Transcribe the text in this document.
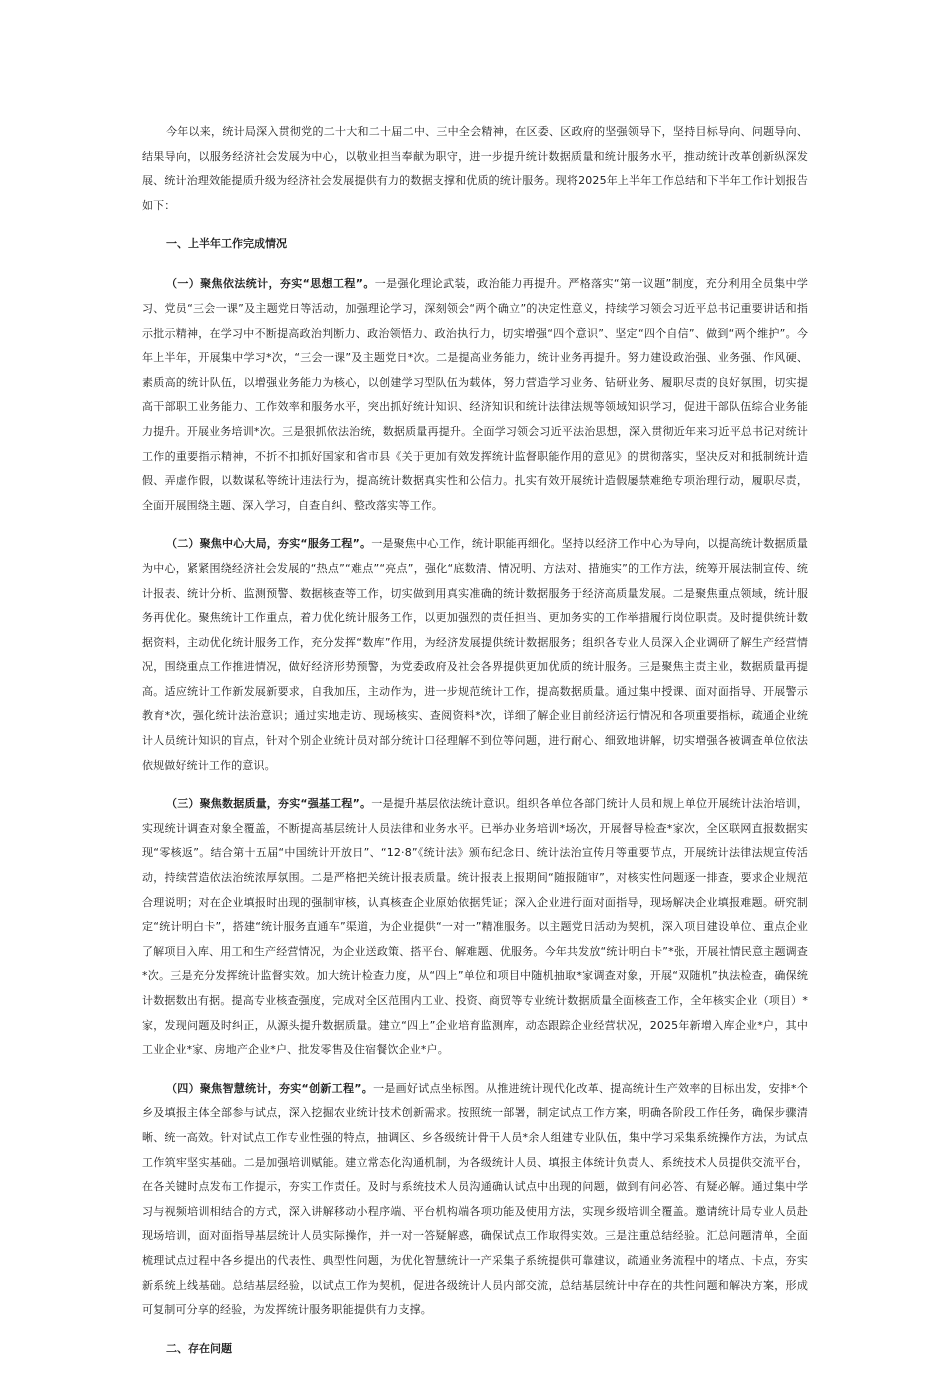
今年以来，统计局深入贯彻党的二十大和二十届二中、三中全会精神，在区委、区政府的坚强领导下，坚持目标导向、问题导向、结果导向，以服务经济社会发展为中心，以敬业担当奉献为职守，进一步提升统计数据质量和统计服务水平，推动统计改革创新纵深发展、统计治理效能提质升级为经济社会发展提供有力的数据支撑和优质的统计服务。现将2025年上半年工作总结和下半年工作计划报告如下：

一、上半年工作完成情况

（一）聚焦依法统计，夯实“思想工程”。一是强化理论武装，政治能力再提升。严格落实“第一议题”制度，充分利用全员集中学习、党员“三会一课”及主题党日等活动，加强理论学习，深刻领会“两个确立”的决定性意义，持续学习领会习近平总书记重要讲话和指示批示精神，在学习中不断提高政治判断力、政治领悟力、政治执行力，切实增强“四个意识”、坚定“四个自信”、做到“两个维护”。今年上半年，开展集中学习*次，“三会一课”及主题党日*次。二是提高业务能力，统计业务再提升。努力建设政治强、业务强、作风硬、素质高的统计队伍，以增强业务能力为核心，以创建学习型队伍为载体，努力营造学习业务、钻研业务、履职尽责的良好氛围，切实提高干部职工业务能力、工作效率和服务水平，突出抓好统计知识、经济知识和统计法律法规等领域知识学习，促进干部队伍综合业务能力提升。开展业务培训*次。三是狠抓依法治统，数据质量再提升。全面学习领会习近平法治思想，深入贯彻近年来习近平总书记对统计工作的重要指示精神，不折不扣抓好国家和省市县《关于更加有效发挥统计监督职能作用的意见》的贯彻落实，坚决反对和抵制统计造假、弄虚作假，以数谋私等统计违法行为，提高统计数据真实性和公信力。扎实有效开展统计造假屡禁难绝专项治理行动，履职尽责，全面开展围绕主题、深入学习，自查自纠、整改落实等工作。

（二）聚焦中心大局，夯实“服务工程”。一是聚焦中心工作，统计职能再细化。坚持以经济工作中心为导向，以提高统计数据质量为中心，紧紧围绕经济社会发展的“热点”“难点”“亮点”，强化“底数清、情况明、方法对、措施实”的工作方法，统筹开展法制宣传、统计报表、统计分析、监测预警、数据核查等工作，切实做到用真实准确的统计数据服务于经济高质量发展。二是聚焦重点领域，统计服务再优化。聚焦统计工作重点，着力优化统计服务工作，以更加强烈的责任担当、更加务实的工作举措履行岗位职责。及时提供统计数据资料，主动优化统计服务工作，充分发挥“数库”作用，为经济发展提供统计数据服务；组织各专业人员深入企业调研了解生产经营情况，围绕重点工作推进情况，做好经济形势预警，为党委政府及社会各界提供更加优质的统计服务。三是聚焦主责主业，数据质量再提高。适应统计工作新发展新要求，自我加压，主动作为，进一步规范统计工作，提高数据质量。通过集中授课、面对面指导、开展警示教育*次，强化统计法治意识；通过实地走访、现场核实、查阅资料*次，详细了解企业目前经济运行情况和各项重要指标，疏通企业统计人员统计知识的盲点，针对个别企业统计员对部分统计口径理解不到位等问题，进行耐心、细致地讲解，切实增强各被调查单位依法依规做好统计工作的意识。

（三）聚焦数据质量，夯实“强基工程”。一是提升基层依法统计意识。组织各单位各部门统计人员和规上单位开展统计法治培训，实现统计调查对象全覆盖，不断提高基层统计人员法律和业务水平。已举办业务培训*场次，开展督导检查*家次，全区联网直报数据实现“零核返”。结合第十五届“中国统计开放日”、“12·8”《统计法》颁布纪念日、统计法治宣传月等重要节点，开展统计法律法规宣传活动，持续营造依法治统浓厚氛围。二是严格把关统计报表质量。统计报表上报期间“随报随审”，对核实性问题逐一排查，要求企业规范合理说明；对在企业填报时出现的强制审核，认真核查企业原始依据凭证；深入企业进行面对面指导，现场解决企业填报难题。研究制定“统计明白卡”，搭建“统计服务直通车”渠道，为企业提供“一对一”精准服务。以主题党日活动为契机，深入项目建设单位、重点企业了解项目入库、用工和生产经营情况，为企业送政策、搭平台、解难题、优服务。今年共发放“统计明白卡”*张，开展社情民意主题调查*次。三是充分发挥统计监督实效。加大统计检查力度，从“四上”单位和项目中随机抽取*家调查对象，开展“双随机”执法检查，确保统计数据数出有据。提高专业核查强度，完成对全区范围内工业、投资、商贸等专业统计数据质量全面核查工作，全年核实企业（项目）*家，发现问题及时纠正，从源头提升数据质量。建立“四上”企业培育监测库，动态跟踪企业经营状况，2025年新增入库企业*户，其中工业企业*家、房地产企业*户、批发零售及住宿餐饮企业*户。

（四）聚焦智慧统计，夯实“创新工程”。一是画好试点坐标图。从推进统计现代化改革、提高统计生产效率的目标出发，安排*个乡及填报主体全部参与试点，深入挖掘农业统计技术创新需求。按照统一部署，制定试点工作方案，明确各阶段工作任务，确保步骤清晰、统一高效。针对试点工作专业性强的特点，抽调区、乡各级统计骨干人员*余人组建专业队伍，集中学习采集系统操作方法，为试点工作筑牢坚实基础。二是加强培训赋能。建立常态化沟通机制，为各级统计人员、填报主体统计负责人、系统技术人员提供交流平台，在各关键时点发布工作提示，夯实工作责任。及时与系统技术人员沟通确认试点中出现的问题，做到有问必答、有疑必解。通过集中学习与视频培训相结合的方式，深入讲解移动小程序端、平台机构端各项功能及使用方法，实现乡级培训全覆盖。邀请统计局专业人员赴现场培训，面对面指导基层统计人员实际操作，并一对一答疑解惑，确保试点工作取得实效。三是注重总结经验。汇总问题清单，全面梳理试点过程中各乡提出的代表性、典型性问题，为优化智慧统计一产采集子系统提供可靠建议，疏通业务流程中的堵点、卡点，夯实新系统上线基础。总结基层经验，以试点工作为契机，促进各级统计人员内部交流，总结基层统计中存在的共性问题和解决方案，形成可复制可分享的经验，为发挥统计服务职能提供有力支撑。

二、存在问题
